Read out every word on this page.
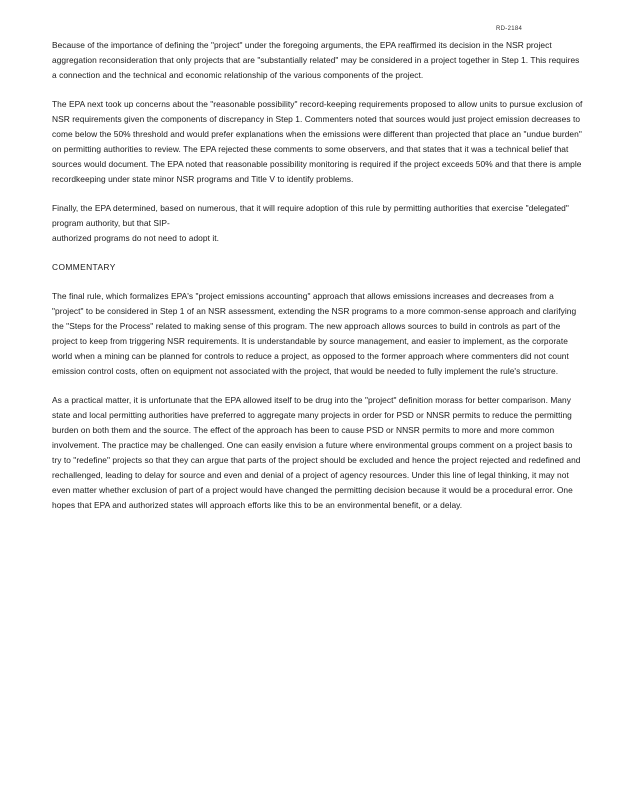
RD-2184

Because of the importance of defining the "project" under the foregoing arguments, the EPA reaffirmed its decision in the NSR project aggregation reconsideration that only projects that are "substantially related" may be considered in a project together in Step 1. This requires a connection and the technical and economic relationship of the various components of the project.

The EPA next took up concerns about the "reasonable possibility" record-keeping requirements proposed to allow units to pursue exclusion of NSR requirements given the components of discrepancy in Step 1. Commenters noted that sources would just project emission decreases to come below the 50% threshold and would prefer explanations when the emissions were different than projected that place an "undue burden" on permitting authorities to review. The EPA rejected these comments to some observers, and that states that it was a technical belief that sources would document. The EPA noted that reasonable possibility monitoring is required if the project exceeds 50% and that there is ample recordkeeping under state minor NSR programs and Title V to identify problems.

Finally, the EPA determined, based on numerous, that it will require adoption of this rule by permitting authorities that exercise "delegated" program authority, but that SIP-
authorized programs do not need to adopt it.

COMMENTARY

The final rule, which formalizes EPA's "project emissions accounting" approach that allows emissions increases and decreases from a "project" to be considered in Step 1 of an NSR assessment, extending the NSR programs to a more common-sense approach and clarifying the "Steps for the Process" related to making sense of this program. The new approach allows sources to build in controls as part of the project to keep from triggering NSR requirements. It is understandable by source management, and easier to implement, as the corporate world when a mining can be planned for controls to reduce a project, as opposed to the former approach where commenters did not count emission control costs, often on equipment not associated with the project, that would be needed to fully implement the rule's structure.

As a practical matter, it is unfortunate that the EPA allowed itself to be drug into the "project" definition morass for better comparison. Many state and local permitting authorities have preferred to aggregate many projects in order for PSD or NNSR permits to reduce the permitting burden on both them and the source. The effect of the approach has been to cause PSD or NNSR permits to more and more common involvement. The practice may be challenged. One can easily envision a future where environmental groups comment on a project basis to try to "redefine" projects so that they can argue that parts of the project should be excluded and hence the project rejected and redefined and rechallenged, leading to delay for source and even and denial of a project of agency resources. Under this line of legal thinking, it may not even matter whether exclusion of part of a project would have changed the permitting decision because it would be a procedural error. One hopes that EPA and authorized states will approach efforts like this to be an environmental benefit, or a delay.
